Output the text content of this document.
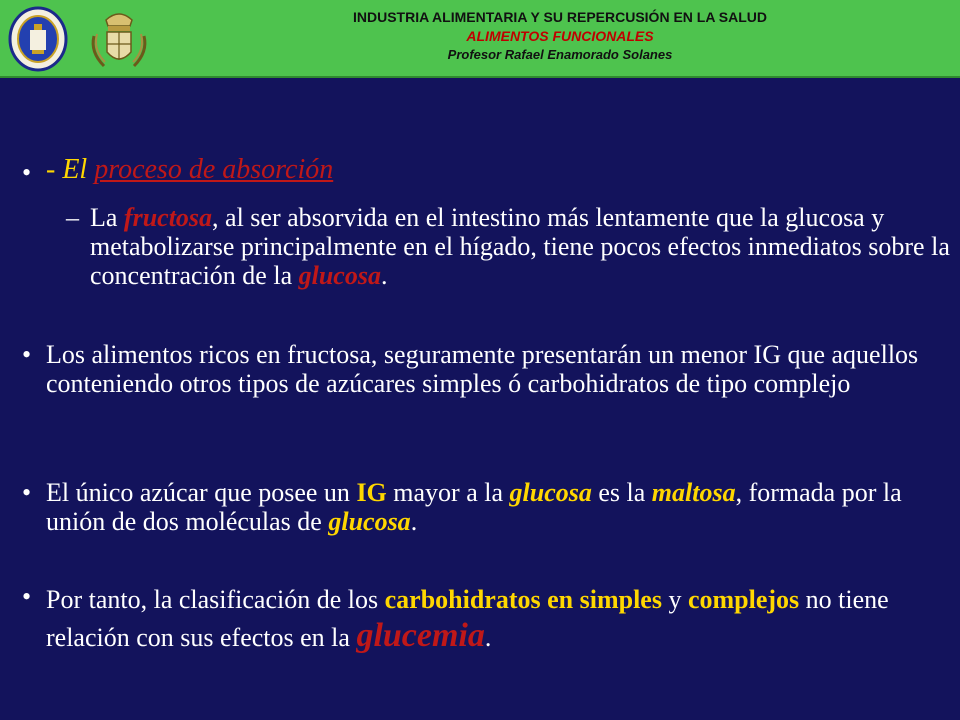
INDUSTRIA ALIMENTARIA Y SU REPERCUSIÓN EN LA SALUD
ALIMENTOS FUNCIONALES
Profesor Rafael Enamorado Solanes
• - El proceso de absorción
– La fructosa, al ser absorvida en el intestino más lentamente que la glucosa y metabolizarse principalmente en el hígado, tiene pocos efectos inmediatos sobre la concentración de la glucosa.
• Los alimentos ricos en fructosa, seguramente presentarán un menor IG que aquellos conteniendo otros tipos de azúcares simples ó carbohidratos de tipo complejo
• El único azúcar que posee un IG mayor a la glucosa es la maltosa, formada por la unión de dos moléculas de glucosa.
• Por tanto, la clasificación de los carbohidratos en simples y complejos no tiene relación con sus efectos en la glucemia.
